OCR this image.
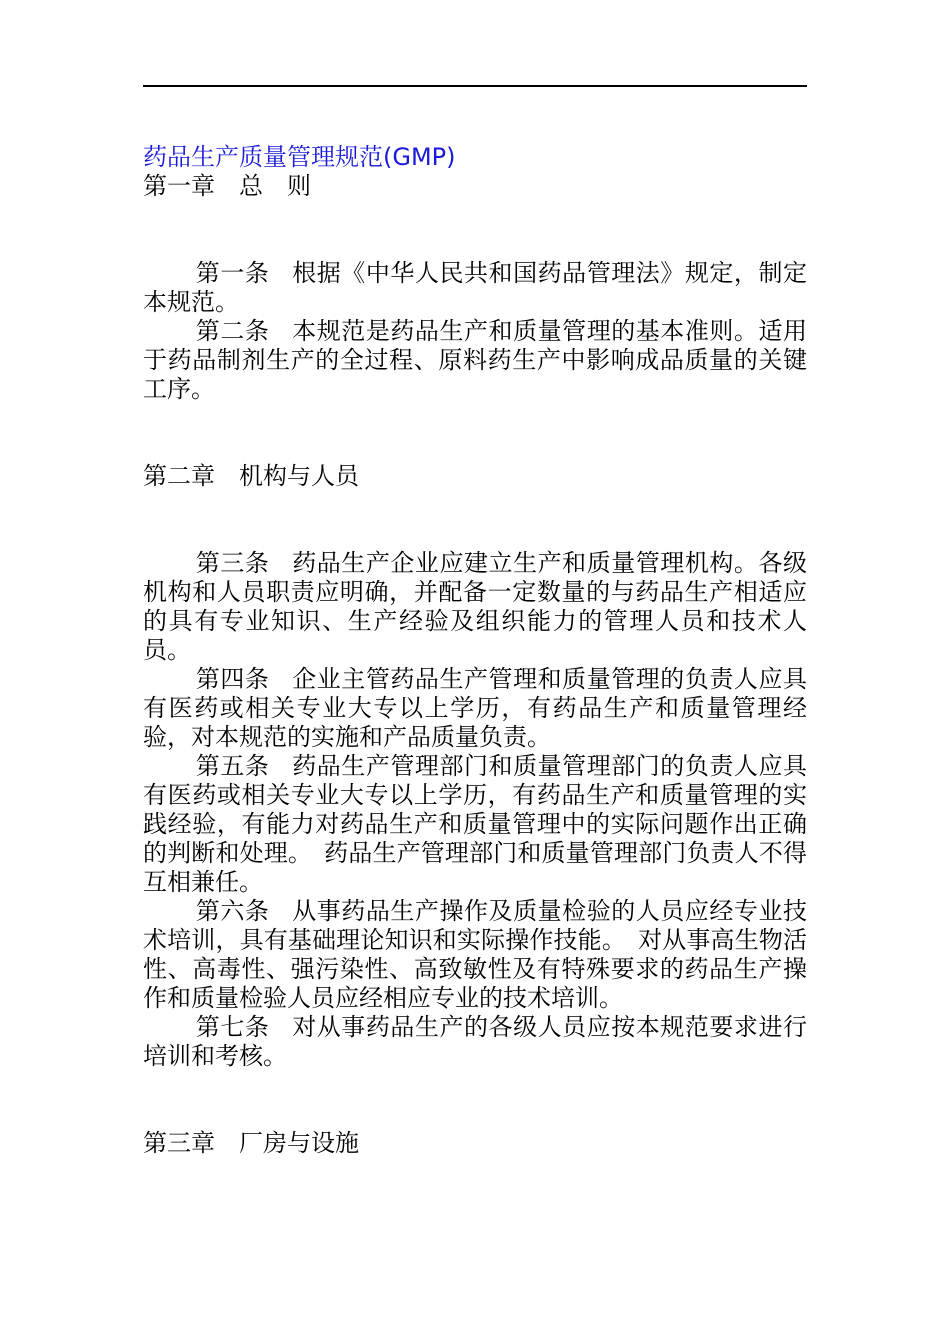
药品生产质量管理规范(GMP)
第一章　总　则
第一条 根据《中华人民共和国药品管理法》规定，制定本规范。
第二条 本规范是药品生产和质量管理的基本准则。适用于药品制剂生产的全过程、原料药生产中影响成品质量的关键工序。
第二章　机构与人员
第三条 药品生产企业应建立生产和质量管理机构。各级机构和人员职责应明确，并配备一定数量的与药品生产相适应的具有专业知识、生产经验及组织能力的管理人员和技术人员。
第四条 企业主管药品生产管理和质量管理的负责人应具有医药或相关专业大专以上学历，有药品生产和质量管理经验，对本规范的实施和产品质量负责。
第五条 药品生产管理部门和质量管理部门的负责人应具有医药或相关专业大专以上学历，有药品生产和质量管理的实践经验，有能力对药品生产和质量管理中的实际问题作出正确的判断和处理。　药品生产管理部门和质量管理部门负责人不得互相兼任。
第六条 从事药品生产操作及质量检验的人员应经专业技术培训，具有基础理论知识和实际操作技能。　对从事高生物活性、高毒性、强污染性、高致敏性及有特殊要求的药品生产操作和质量检验人员应经相应专业的技术培训。
第七条 对从事药品生产的各级人员应按本规范要求进行培训和考核。
第三章　厂房与设施
